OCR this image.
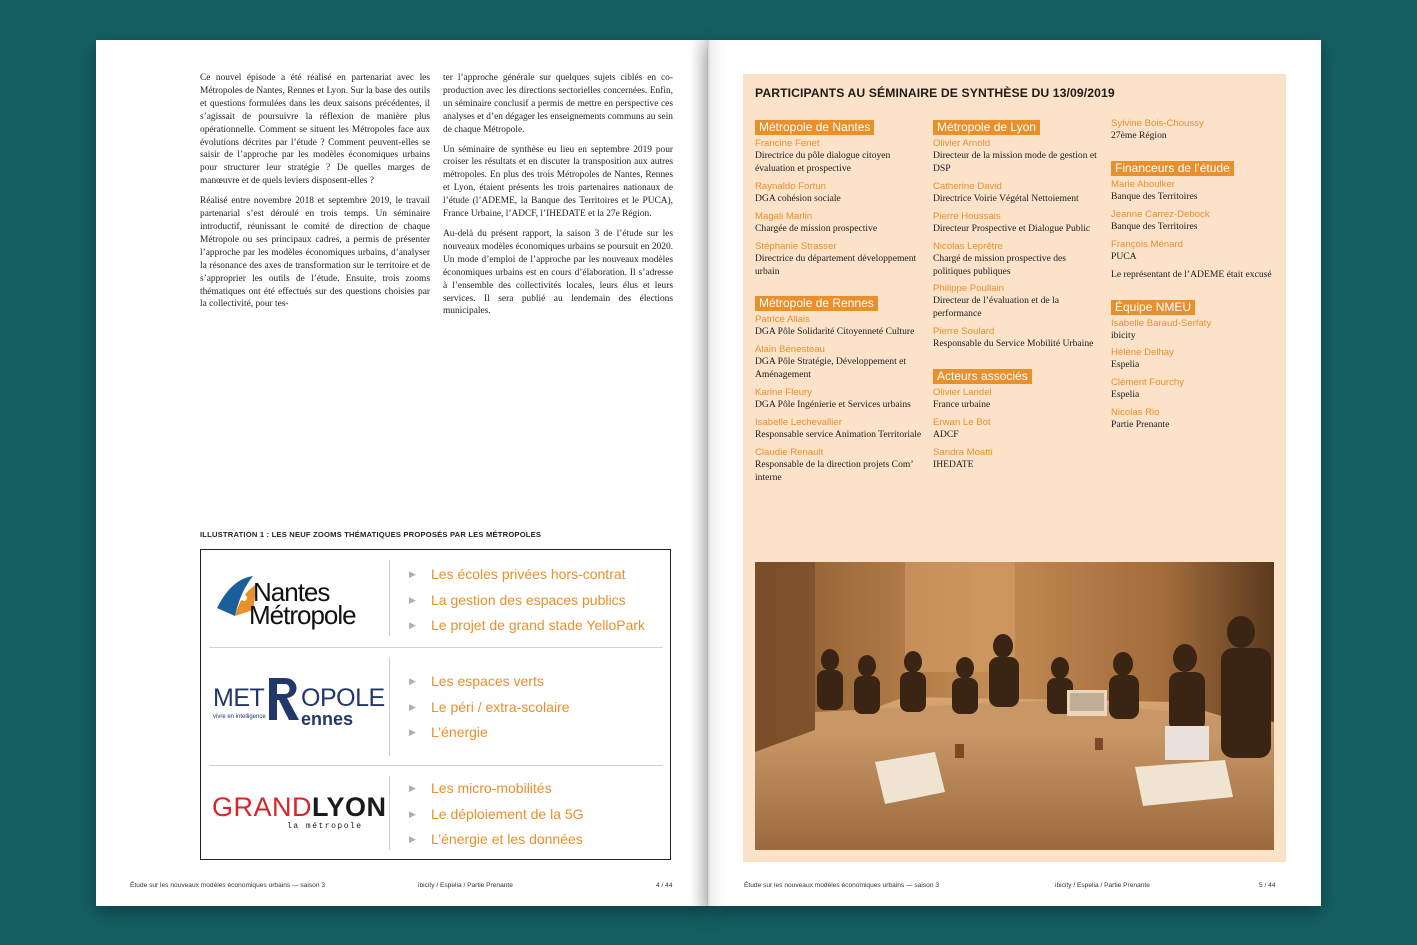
Ce nouvel épisode a été réalisé en partenariat avec les Métropoles de Nantes, Rennes et Lyon. Sur la base des outils et questions formulées dans les deux saisons précédentes, il s’agissait de poursuivre la réflexion de manière plus opérationnelle. Comment se situent les Métropoles face aux évolutions décrites par l’étude ? Comment peuvent-elles se saisir de l’approche par les modèles économiques urbains pour structurer leur stratégie ? De quelles marges de manœuvre et de quels leviers disposent-elles ?

Réalisé entre novembre 2018 et septembre 2019, le travail partenarial s’est déroulé en trois temps. Un séminaire introductif, réunissant le comité de direction de chaque Métropole ou ses principaux cadres, a permis de présenter l’approche par les modèles économiques urbains, d’analyser la résonance des axes de transformation sur le territoire et de s’approprier les outils de l’étude. Ensuite, trois zooms thématiques ont été effectués sur des questions choisies par la collectivité, pour tes-

ter l’approche générale sur quelques sujets ciblés en co-production avec les directions sectorielles concernées. Enfin, un séminaire conclusif a permis de mettre en perspective ces analyses et d’en dégager les enseignements communs au sein de chaque Métropole.

Un séminaire de synthèse eu lieu en septembre 2019 pour croiser les résultats et en discuter la transposition aux autres métropoles. En plus des trois Métropoles de Nantes, Rennes et Lyon, étaient présents les trois partenaires nationaux de l’étude (l’ADEME, la Banque des Territoires et le PUCA), France Urbaine, l’ADCF, l’IHEDATE et la 27e Région.

Au-delà du présent rapport, la saison 3 de l’étude sur les nouveaux modèles économiques urbains se poursuit en 2020. Un mode d’emploi de l’approche par les nouveaux modèles économiques urbains est en cours d’élaboration. Il s’adresse à l’ensemble des collectivités locales, leurs élus et leurs services. Il sera publié au lendemain des élections municipales.

ILLUSTRATION 1 : LES NEUF ZOOMS THÉMATIQUES PROPOSÉS PAR LES MÉTROPOLES
Nantes
Métropole
▶ Les écoles privées hors-contrat
▶ La gestion des espaces publics
▶ Le projet de grand stade YelloPark
MET OPOLE
ennes
vivre en intelligence
▶ Les espaces verts
▶ Le péri / extra-scolaire
▶ L’énergie
GRANDLYON
la métropole
▶ Les micro-mobilités
▶ Le déploiement de la 5G
▶ L’énergie et les données
Étude sur les nouveaux modèles économiques urbains — saison 3	ibicity / Espelia / Partie Prenante	4 / 44
PARTICIPANTS AU SÉMINAIRE DE SYNTHÈSE DU 13/09/2019
Métropole de Nantes
Francine Fenet
Directrice du pôle dialogue citoyen évaluation et prospective
Raynaldo Fortun
DGA cohésion sociale
Magali Marlin
Chargée de mission prospective
Stéphanie Strasser
Directrice du département développement urbain
Métropole de Rennes
Patrice Allais
DGA Pôle Solidarité Citoyenneté Culture
Alain Bénesteau
DGA Pôle Stratégie, Développement et Aménagement
Karine Fleury
DGA Pôle Ingénierie et Services urbains
Isabelle Lechevallier
Responsable service Animation Territoriale
Claudie Renault
Responsable de la direction projets Com’ interne
Métropole de Lyon
Olivier Arnold
Directeur de la mission mode de gestion et DSP
Catherine David
Directrice Voirie Végétal Nettoiement
Pierre Houssais
Directeur Prospective et Dialogue Public
Nicolas Leprêtre
Chargé de mission prospective des politiques publiques
Philippe Poullain
Directeur de l’évaluation et de la performance
Pierre Soulard
Responsable du Service Mobilité Urbaine
Acteurs associés
Olivier Landel
France urbaine
Erwan Le Bot
ADCF
Sandra Moatti
IHEDATE
Sylvine Bois-Choussy
27ème Région
Financeurs de l’étude
Marie Aboulker
Banque des Territoires
Jeanne Carrez-Debock
Banque des Territoires
François Ménard
PUCA
Le représentant de l’ADEME était excusé
Équipe NMEU
Isabelle Baraud-Serfaty
ibicity
Hélène Delhay
Espelia
Clément Fourchy
Espelia
Nicolas Rio
Partie Prenante
Étude sur les nouveaux modèles économiques urbains — saison 3	ibicity / Espelia / Partie Prenante	5 / 44
